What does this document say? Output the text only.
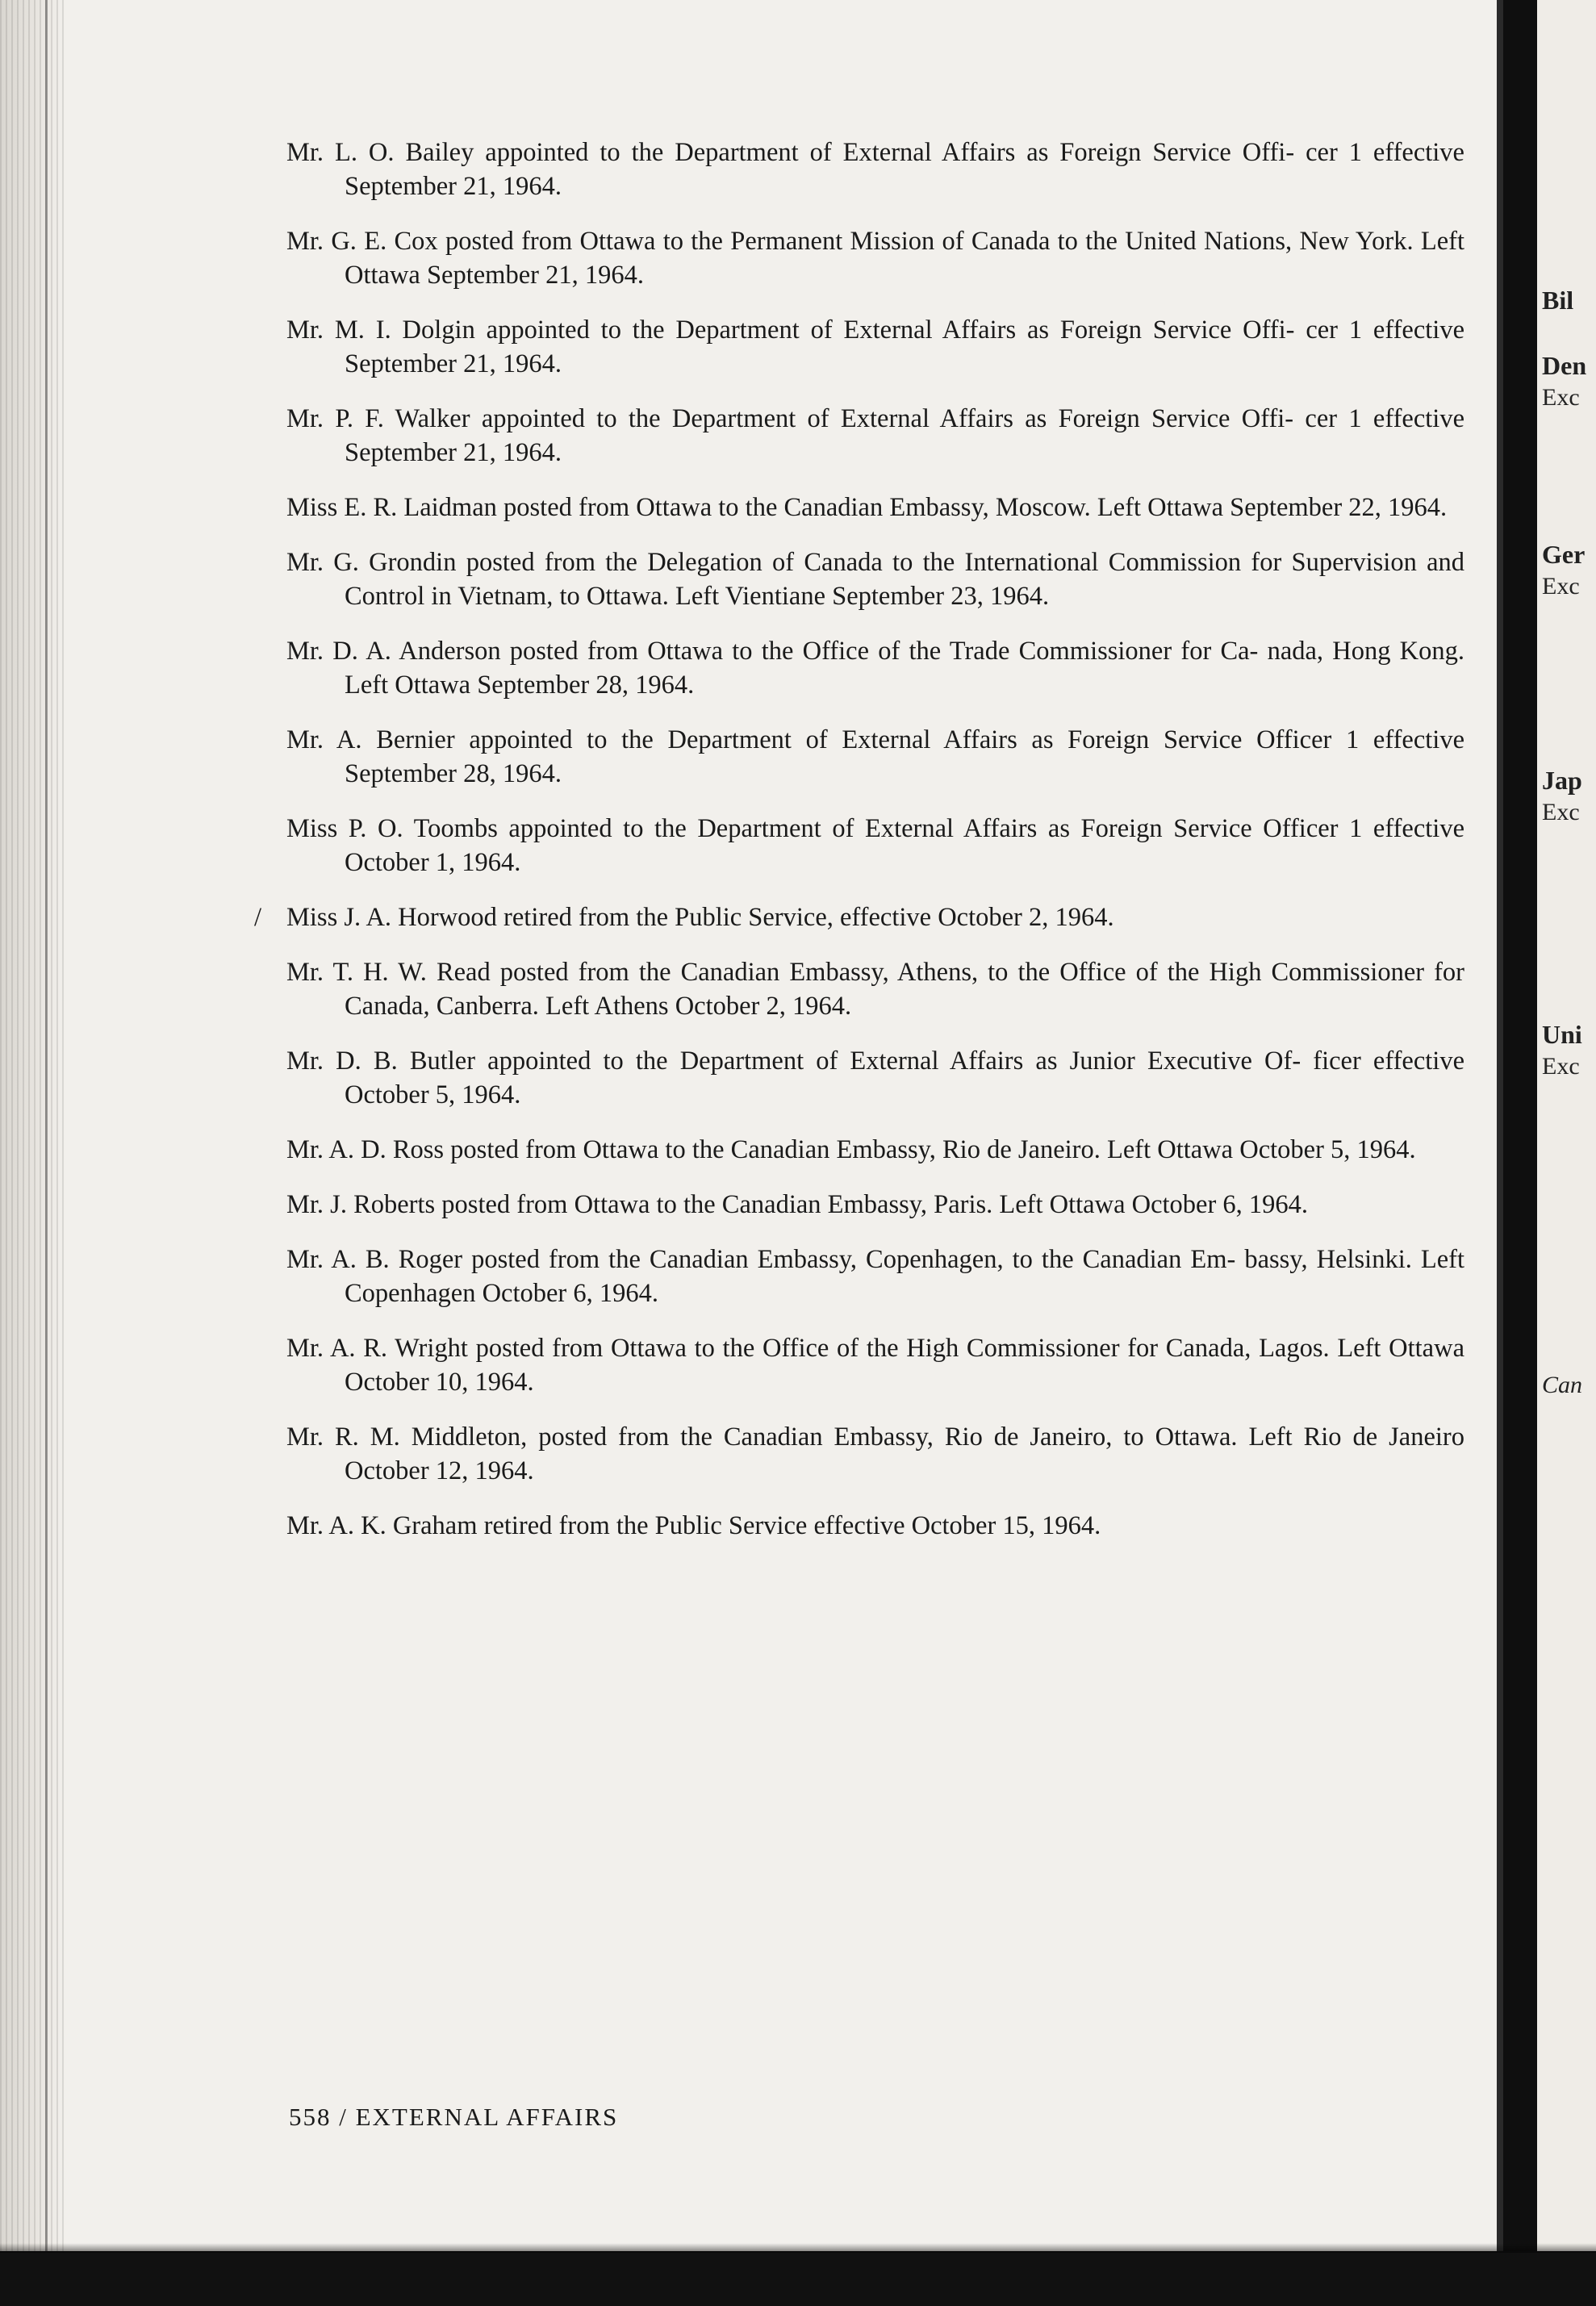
Mr. L. O. Bailey appointed to the Department of External Affairs as Foreign Service Offi- cer 1 effective September 21, 1964.

Mr. G. E. Cox posted from Ottawa to the Permanent Mission of Canada to the United Nations, New York. Left Ottawa September 21, 1964.

Mr. M. I. Dolgin appointed to the Department of External Affairs as Foreign Service Offi- cer 1 effective September 21, 1964.

Mr. P. F. Walker appointed to the Department of External Affairs as Foreign Service Offi- cer 1 effective September 21, 1964.

Miss E. R. Laidman posted from Ottawa to the Canadian Embassy, Moscow. Left Ottawa September 22, 1964.

Mr. G. Grondin posted from the Delegation of Canada to the International Commission for Supervision and Control in Vietnam, to Ottawa. Left Vientiane September 23, 1964.

Mr. D. A. Anderson posted from Ottawa to the Office of the Trade Commissioner for Ca- nada, Hong Kong. Left Ottawa September 28, 1964.

Mr. A. Bernier appointed to the Department of External Affairs as Foreign Service Officer 1 effective September 28, 1964.

Miss P. O. Toombs appointed to the Department of External Affairs as Foreign Service Officer 1 effective October 1, 1964.

/ Miss J. A. Horwood retired from the Public Service, effective October 2, 1964.

Mr. T. H. W. Read posted from the Canadian Embassy, Athens, to the Office of the High Commissioner for Canada, Canberra. Left Athens October 2, 1964.

Mr. D. B. Butler appointed to the Department of External Affairs as Junior Executive Of- ficer effective October 5, 1964.

Mr. A. D. Ross posted from Ottawa to the Canadian Embassy, Rio de Janeiro. Left Ottawa October 5, 1964.

Mr. J. Roberts posted from Ottawa to the Canadian Embassy, Paris. Left Ottawa October 6, 1964.

Mr. A. B. Roger posted from the Canadian Embassy, Copenhagen, to the Canadian Em- bassy, Helsinki. Left Copenhagen October 6, 1964.

Mr. A. R. Wright posted from Ottawa to the Office of the High Commissioner for Canada, Lagos. Left Ottawa October 10, 1964.

Mr. R. M. Middleton, posted from the Canadian Embassy, Rio de Janeiro, to Ottawa. Left Rio de Janeiro October 12, 1964.

Mr. A. K. Graham retired from the Public Service effective October 15, 1964.

558 / EXTERNAL AFFAIRS
Bil
Den
Exc
Ger
Exc
Jap
Exc
Uni
Exc
Can
